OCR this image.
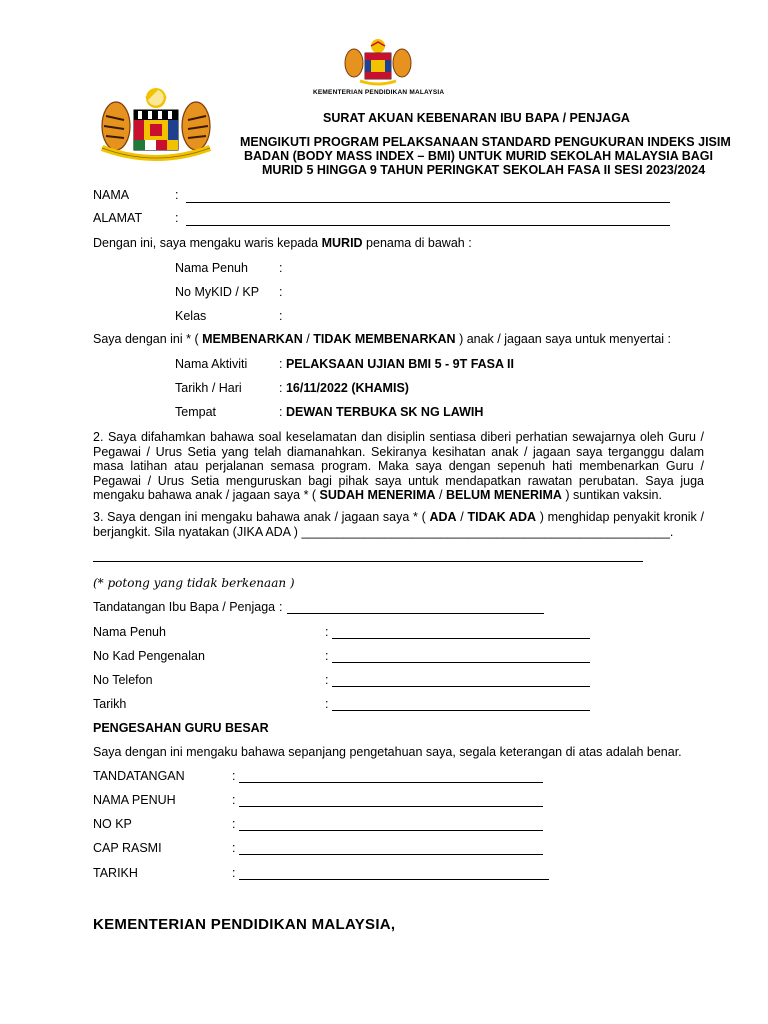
KEMENTERIAN PENDIDIKAN MALAYSIA
SURAT AKUAN KEBENARAN IBU BAPA / PENJAGA
MENGIKUTI PROGRAM PELAKSANAAN STANDARD PENGUKURAN INDEKS JISIM
BADAN (BODY MASS INDEX – BMI) UNTUK MURID SEKOLAH MALAYSIA BAGI
MURID 5 HINGGA 9 TAHUN PERINGKAT SEKOLAH FASA II SESI 2023/2024
NAMA	:
ALAMAT	:
Dengan ini, saya mengaku waris kepada MURID penama di bawah :
Nama Penuh :
No MyKID / KP :
Kelas	:
Saya dengan ini * ( MEMBENARKAN / TIDAK MEMBENARKAN ) anak / jagaan saya untuk menyertai :
Nama Aktiviti	: PELAKSAAN UJIAN BMI 5 - 9T FASA II
Tarikh / Hari	: 16/11/2022 (KHAMIS)
Tempat	: DEWAN TERBUKA SK NG LAWIH
2. Saya difahamkan bahawa soal keselamatan dan disiplin sentiasa diberi perhatian sewajarnya oleh Guru / Pegawai / Urus Setia yang telah diamanahkan. Sekiranya kesihatan anak / jagaan saya terganggu dalam masa latihan atau perjalanan semasa program. Maka saya dengan sepenuh hati membenarkan Guru / Pegawai / Urus Setia menguruskan bagi pihak saya untuk mendapatkan rawatan perubatan. Saya juga mengaku bahawa anak / jagaan saya * ( SUDAH MENERIMA / BELUM MENERIMA ) suntikan vaksin.
3. Saya dengan ini mengaku bahawa anak / jagaan saya * ( ADA / TIDAK ADA ) menghidap penyakit kronik / berjangkit. Sila nyatakan (JIKA ADA ) _____________________________________________________.
(* potong yang tidak berkenaan )
Tandatangan Ibu Bapa / Penjaga :
Nama Penuh	:
No Kad Pengenalan	:
No Telefon	:
Tarikh	:
PENGESAHAN GURU BESAR
Saya dengan ini mengaku bahawa sepanjang pengetahuan saya, segala keterangan di atas adalah benar.
TANDATANGAN	:
NAMA PENUH	:
NO KP	:
CAP RASMI	:
TARIKH	:
KEMENTERIAN PENDIDIKAN MALAYSIA,
